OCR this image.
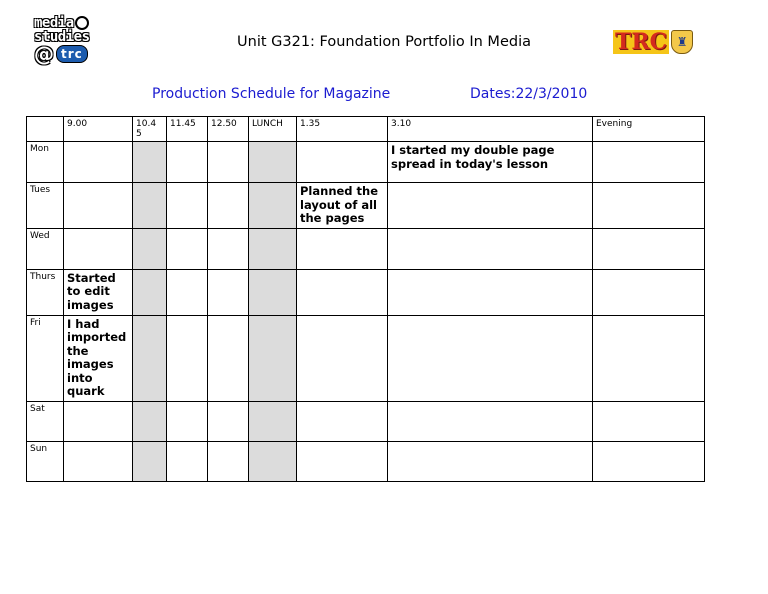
media
studies
@ trc
Unit G321: Foundation Portfolio In Media	TRC ♜
Production Schedule for Magazine	Dates:22/3/2010
	9.00	10.4 5	11.45	12.50	LUNCH	1.35	3.10	Evening
Mon							I started my double page spread in today's lesson	

Tues						Planned the layout of all the pages		

Wed								
Thurs	Started to edit images							

Fri	I had imported the images into quark							

Sat								
Sun								
